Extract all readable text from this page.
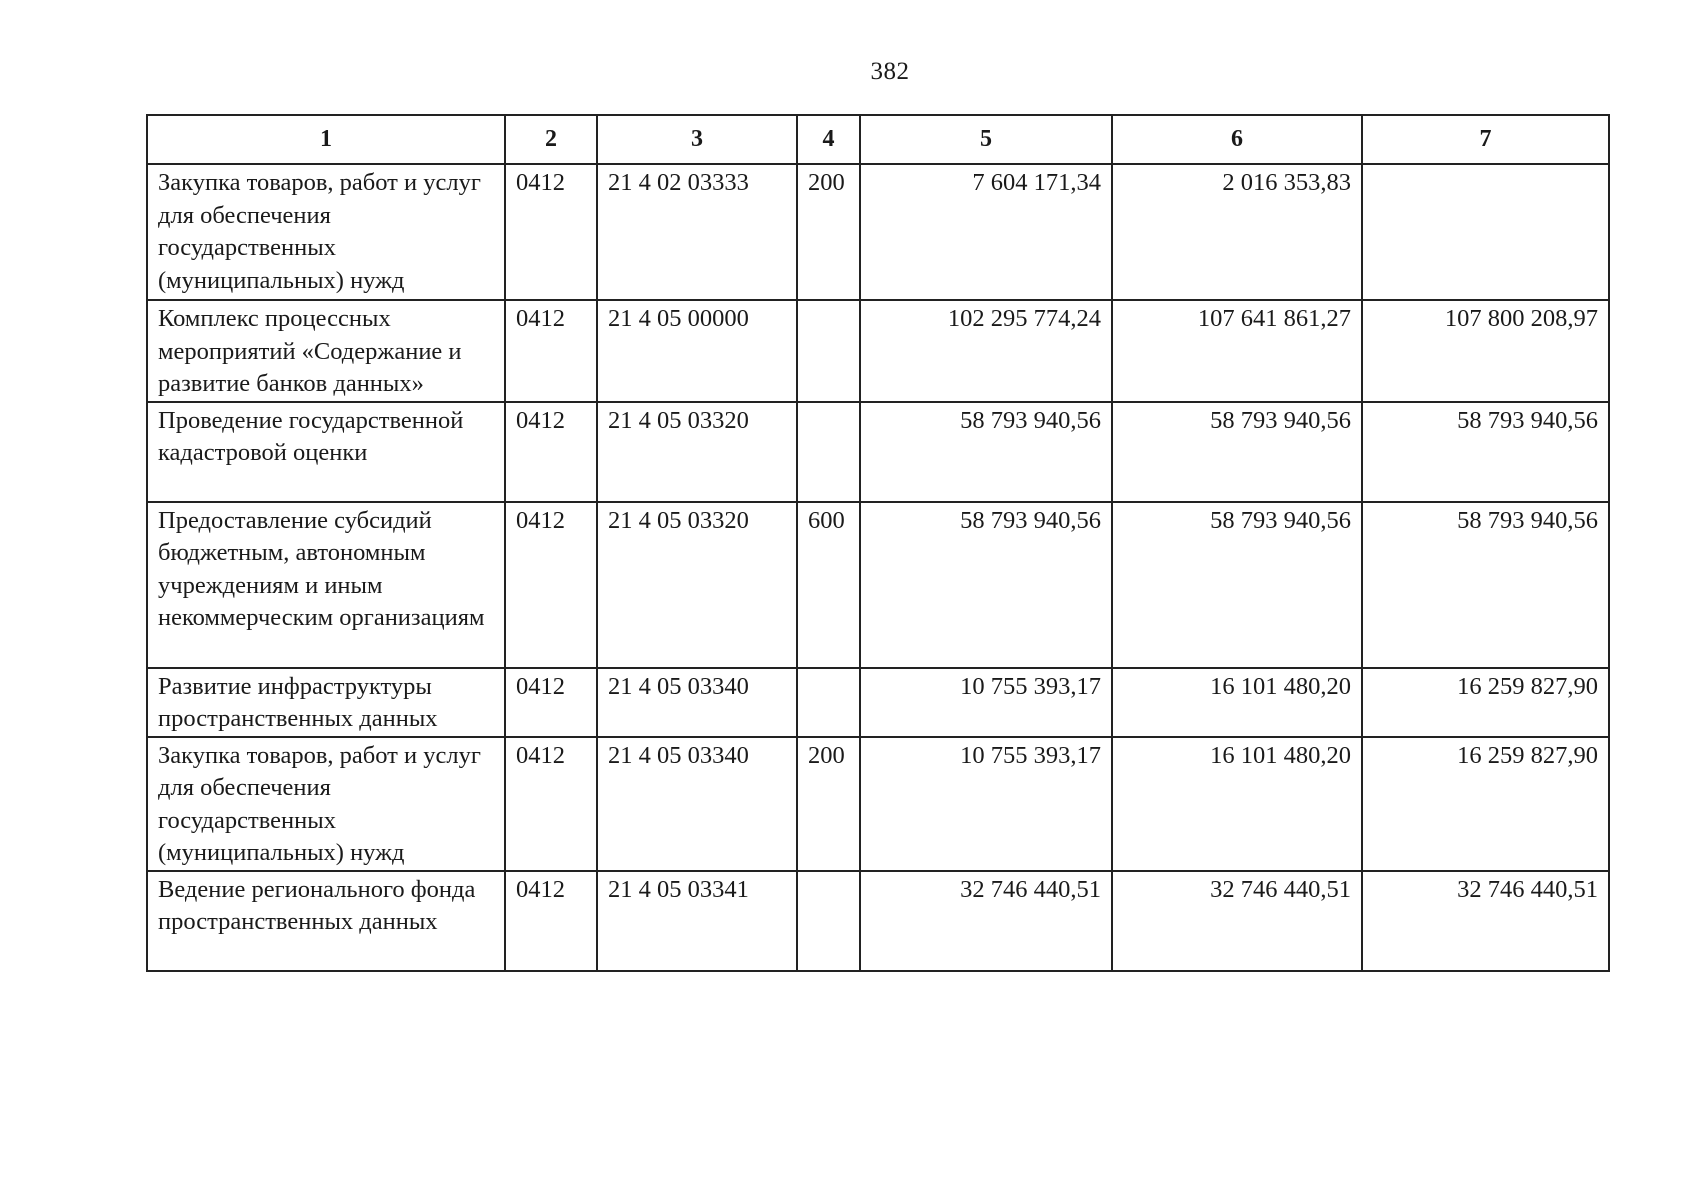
382
1	2	3	4	5	6	7
Закупка товаров, работ и услуг для обеспечения государственных (муниципальных) нужд	0412	21 4 02 03333	200	7 604 171,34	2 016 353,83	
Комплекс процессных мероприятий «Содержание и развитие банков данных»	0412	21 4 05 00000		102 295 774,24	107 641 861,27	107 800 208,97
Проведение государственной кадастровой оценки	0412	21 4 05 03320		58 793 940,56	58 793 940,56	58 793 940,56
Предоставление субсидий бюджетным, автономным учреждениям и иным некоммерческим организациям	0412	21 4 05 03320	600	58 793 940,56	58 793 940,56	58 793 940,56
Развитие инфраструктуры пространственных данных	0412	21 4 05 03340		10 755 393,17	16 101 480,20	16 259 827,90
Закупка товаров, работ и услуг для обеспечения государственных (муниципальных) нужд	0412	21 4 05 03340	200	10 755 393,17	16 101 480,20	16 259 827,90
Ведение регионального фонда пространственных данных	0412	21 4 05 03341		32 746 440,51	32 746 440,51	32 746 440,51
